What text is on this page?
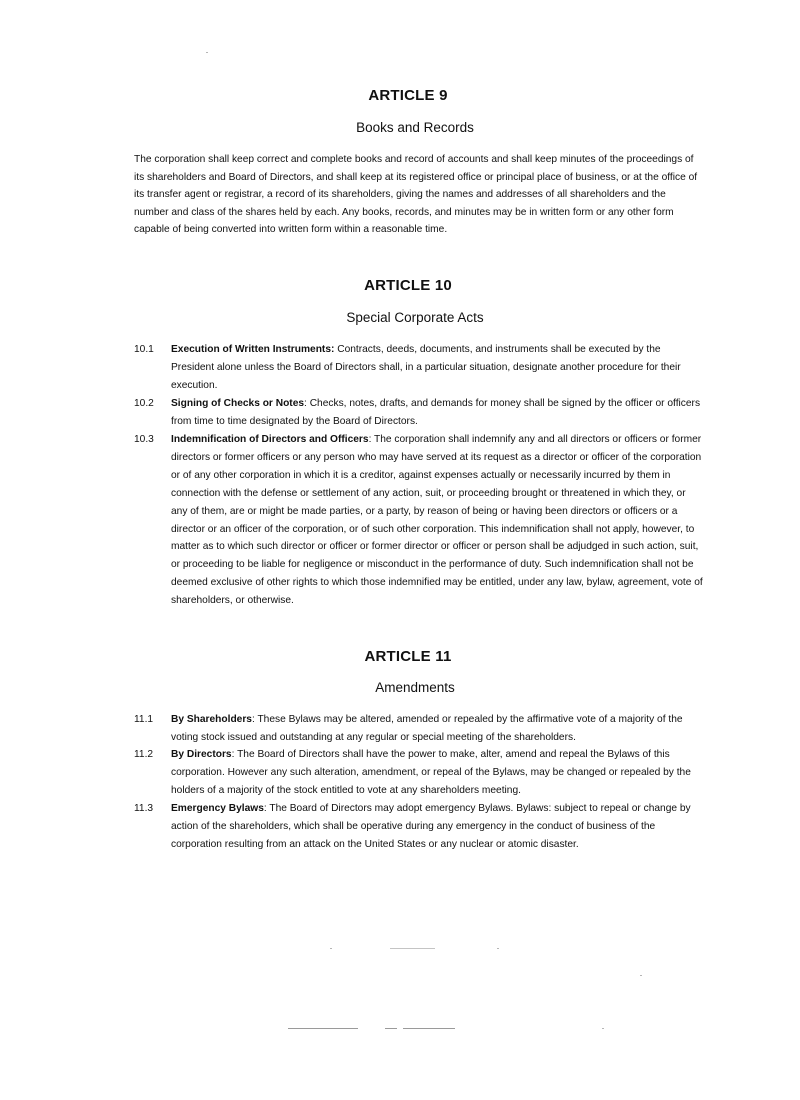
ARTICLE 9
Books and Records
The corporation shall keep correct and complete books and record of accounts and shall keep minutes of the proceedings of its shareholders and Board of Directors, and shall keep at its registered office or principal place of business, or at the office of its transfer agent or registrar, a record of its shareholders, giving the names and addresses of all shareholders and the number and class of the shares held by each. Any books, records, and minutes may be in written form or any other form capable of being converted into written form within a reasonable time.
ARTICLE 10
Special Corporate Acts
10.1	Execution of Written Instruments: Contracts, deeds, documents, and instruments shall be executed by the President alone unless the Board of Directors shall, in a particular situation, designate another procedure for their execution.
10.2	Signing of Checks or Notes: Checks, notes, drafts, and demands for money shall be signed by the officer or officers from time to time designated by the Board of Directors.
10.3	Indemnification of Directors and Officers: The corporation shall indemnify any and all directors or officers or former directors or former officers or any person who may have served at its request as a director or officer of the corporation or of any other corporation in which it is a creditor, against expenses actually or necessarily incurred by them in connection with the defense or settlement of any action, suit, or proceeding brought or threatened in which they, or any of them, are or might be made parties, or a party, by reason of being or having been directors or officers or a director or an officer of the corporation, or of such other corporation. This indemnification shall not apply, however, to matter as to which such director or officer or former director or officer or person shall be adjudged in such action, suit, or proceeding to be liable for negligence or misconduct in the performance of duty. Such indemnification shall not be deemed exclusive of other rights to which those indemnified may be entitled, under any law, bylaw, agreement, vote of shareholders, or otherwise.
ARTICLE 11
Amendments
11.1	By Shareholders: These Bylaws may be altered, amended or repealed by the affirmative vote of a majority of the voting stock issued and outstanding at any regular or special meeting of the shareholders.
11.2	By Directors: The Board of Directors shall have the power to make, alter, amend and repeal the Bylaws of this corporation. However any such alteration, amendment, or repeal of the Bylaws, may be changed or repealed by the holders of a majority of the stock entitled to vote at any shareholders meeting.
11.3	Emergency Bylaws: The Board of Directors may adopt emergency Bylaws. Bylaws: subject to repeal or change by action of the shareholders, which shall be operative during any emergency in the conduct of business of the corporation resulting from an attack on the United States or any nuclear or atomic disaster.
